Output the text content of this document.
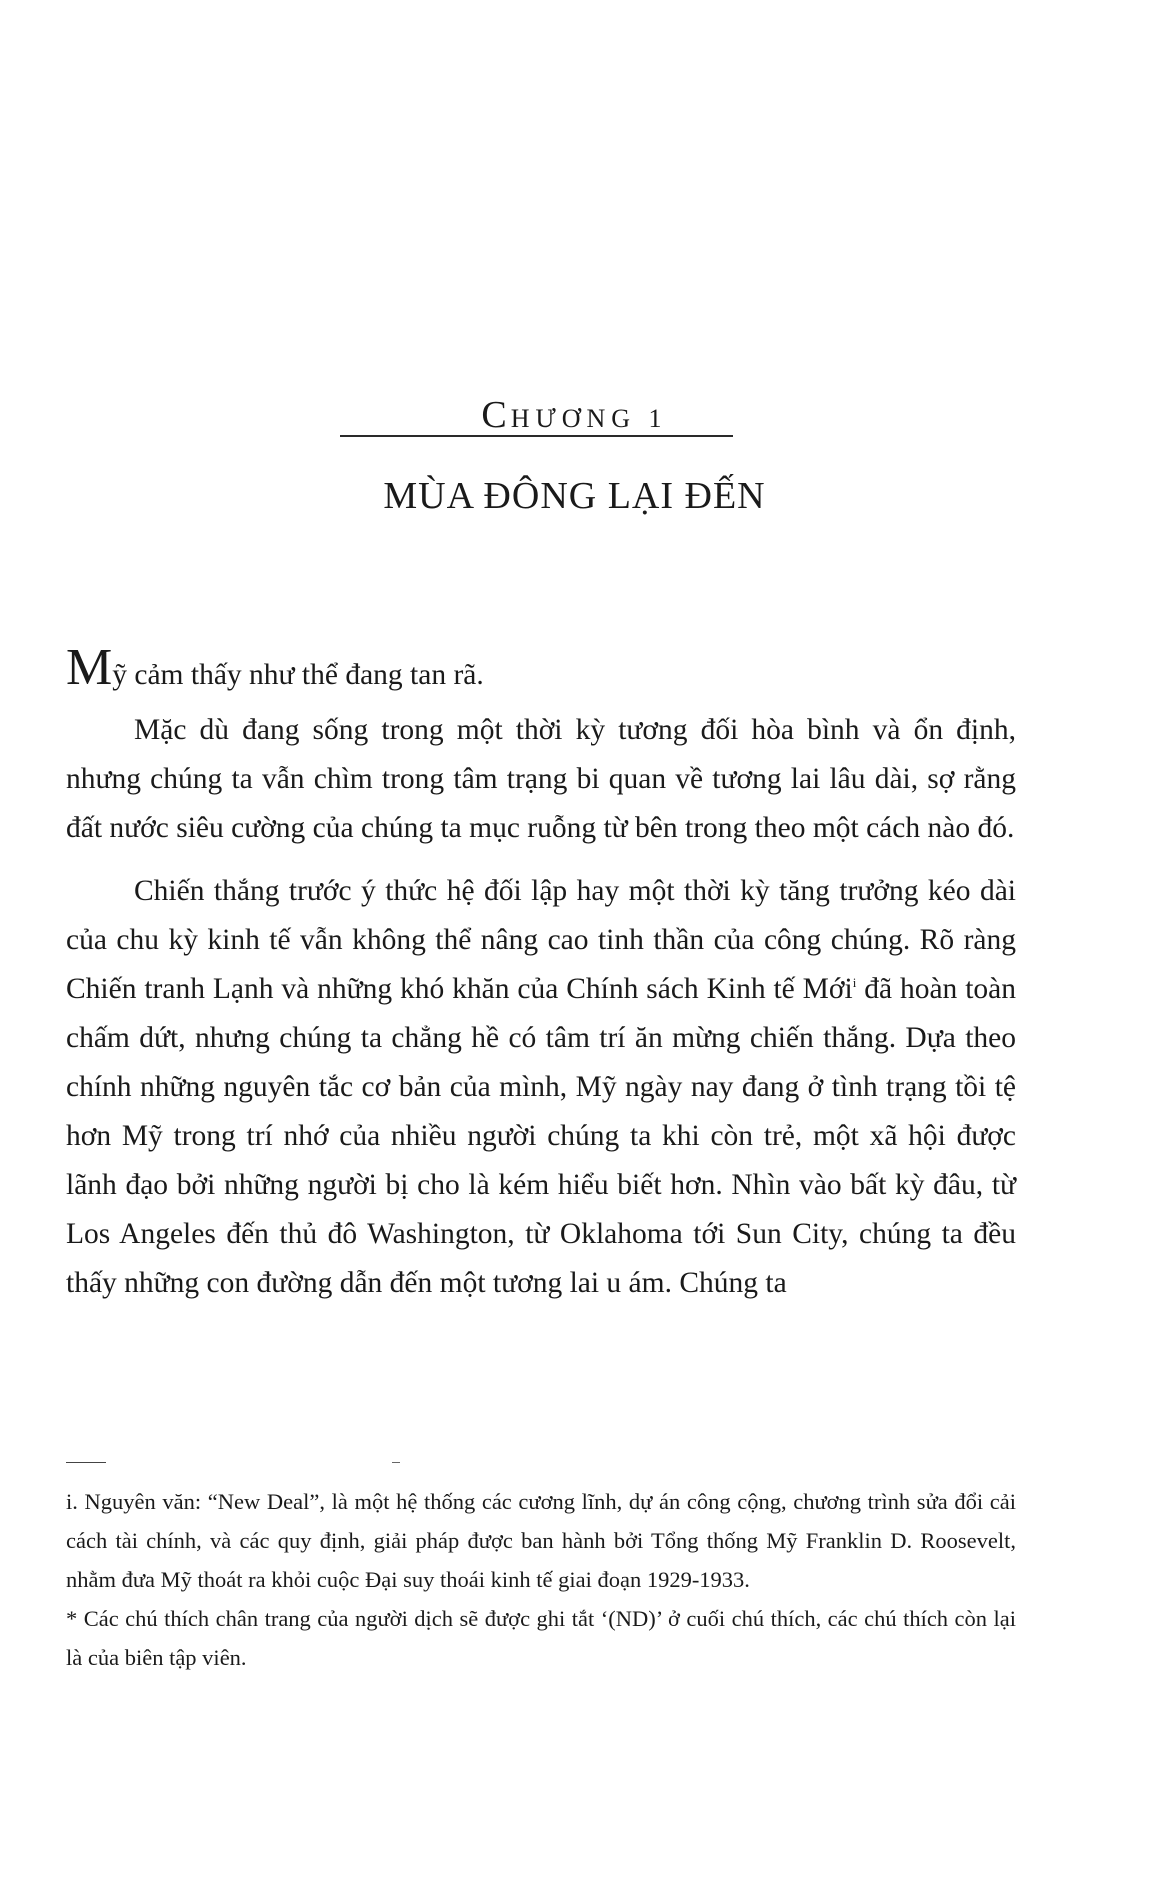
CHƯƠNG 1
MÙA ĐÔNG LẠI ĐẾN

Mỹ cảm thấy như thể đang tan rã.

Mặc dù đang sống trong một thời kỳ tương đối hòa bình và ổn định, nhưng chúng ta vẫn chìm trong tâm trạng bi quan về tương lai lâu dài, sợ rằng đất nước siêu cường của chúng ta mục ruỗng từ bên trong theo một cách nào đó.

Chiến thắng trước ý thức hệ đối lập hay một thời kỳ tăng trưởng kéo dài của chu kỳ kinh tế vẫn không thể nâng cao tinh thần của công chúng. Rõ ràng Chiến tranh Lạnh và những khó khăn của Chính sách Kinh tế Mới$^i$ đã hoàn toàn chấm dứt, nhưng chúng ta chẳng hề có tâm trí ăn mừng chiến thắng. Dựa theo chính những nguyên tắc cơ bản của mình, Mỹ ngày nay đang ở tình trạng tồi tệ hơn Mỹ trong trí nhớ của nhiều người chúng ta khi còn trẻ, một xã hội được lãnh đạo bởi những người bị cho là kém hiểu biết hơn. Nhìn vào bất kỳ đâu, từ Los Angeles đến thủ đô Washington, từ Oklahoma tới Sun City, chúng ta đều thấy những con đường dẫn đến một tương lai u ám. Chúng ta

i. Nguyên văn: “New Deal”, là một hệ thống các cương lĩnh, dự án công cộng, chương trình sửa đổi cải cách tài chính, và các quy định, giải pháp được ban hành bởi Tổng thống Mỹ Franklin D. Roosevelt, nhằm đưa Mỹ thoát ra khỏi cuộc Đại suy thoái kinh tế giai đoạn 1929-1933.

* Các chú thích chân trang của người dịch sẽ được ghi tắt ‘(ND)’ ở cuối chú thích, các chú thích còn lại là của biên tập viên.
